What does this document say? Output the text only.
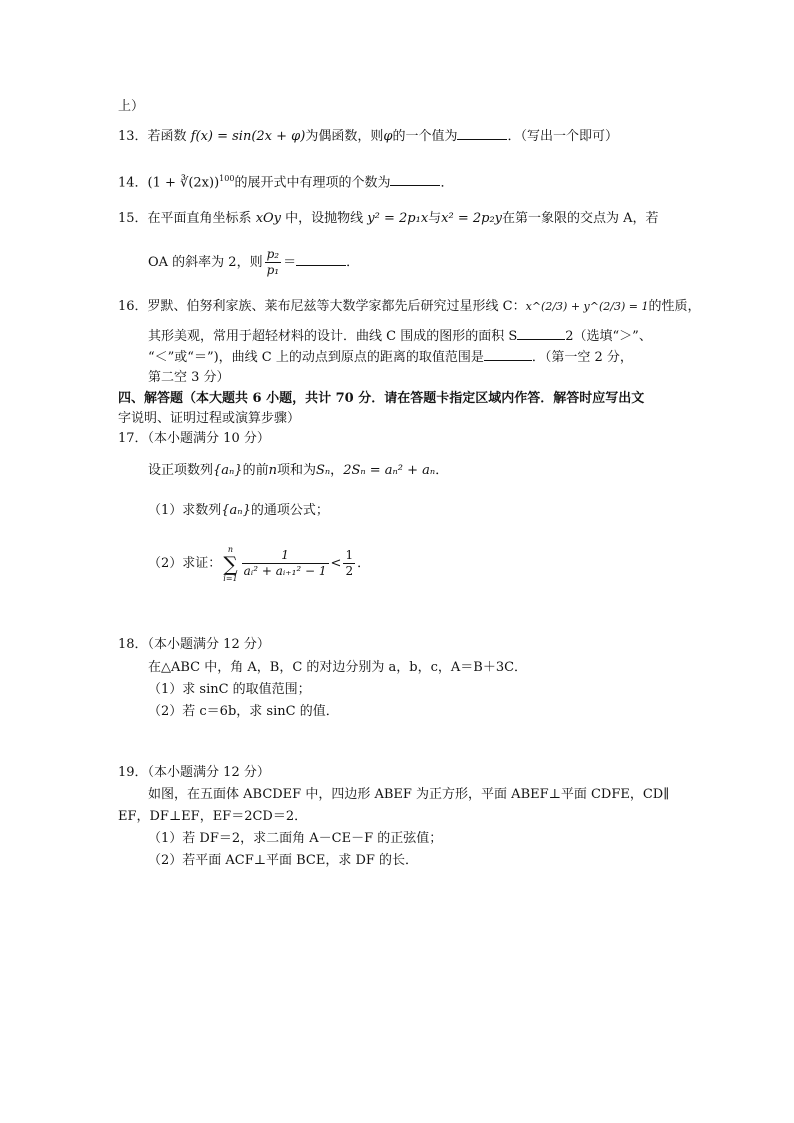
上）
13．若函数 f(x) = sin(2x + φ)为偶函数，则φ的一个值为	．（写出一个即可）
14．(1 + ∛(2x))$^{100}$的展开式中有理项的个数为	．
15．在平面直角坐标系 xOy 中，设抛物线 y² = 2p₁x与x² = 2p₂y在第一象限的交点为 A，若
OA 的斜率为 2，则 $\frac{\text{p₂}}{\text{p₁}}$ ＝	．
16．罗默、伯努利家族、莱布尼兹等大数学家都先后研究过星形线 C：x^(2/3) + y^(2/3) = 1的性质，
其形美观，常用于超轻材料的设计．曲线 C 围成的图形的面积 S	2（选填“＞”、
“＜”或“＝”)，曲线 C 上的动点到原点的距离的取值范围是	．（第一空 2 分，
第二空 3 分）
四、解答题（本大题共 6 小题，共计 70 分．请在答题卡指定区域内作答．解答时应写出文
字说明、证明过程或演算步骤）
17．（本小题满分 10 分）
设正项数列{aₙ}的前n项和为Sₙ，2Sₙ = aₙ² + aₙ．
（1）求数列{aₙ}的通项公式；
（2）求证：
n
∑
$i=1 \frac{1}{\text{aᵢ² + aᵢ₊₁² − 1}} < \frac{1}{2}$ ．
18．（本小题满分 12 分）
在△ABC 中，角 A，B，C 的对边分别为 a，b，c，A＝B＋3C．
（1）求 sinC 的取值范围；
（2）若 c＝6b，求 sinC 的值．
19．（本小题满分 12 分）
如图，在五面体 ABCDEF 中，四边形 ABEF 为正方形，平面 ABEF⊥平面 CDFE，CD∥
EF，DF⊥EF，EF＝2CD＝2．
（1）若 DF＝2，求二面角 A－CE－F 的正弦值；
（2）若平面 ACF⊥平面 BCE，求 DF 的长．
